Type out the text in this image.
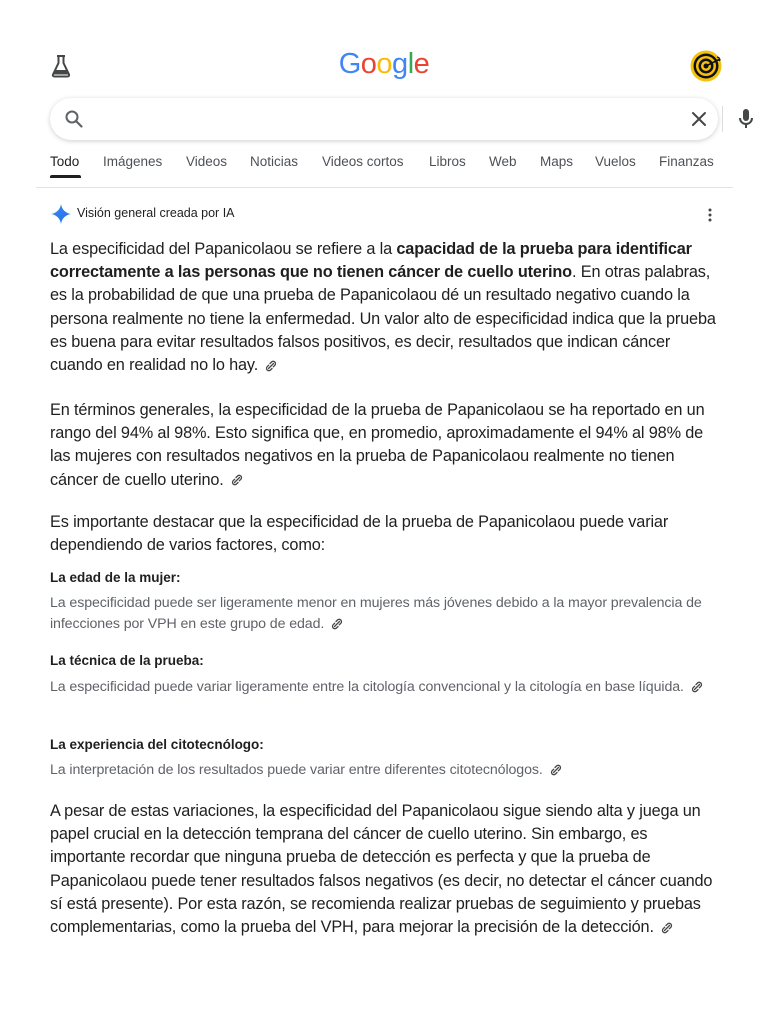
Google
Todo Imágenes Videos Noticias Videos cortos Libros Web Maps Vuelos Finanzas
Visión general creada por IA
La especificidad del Papanicolaou se refiere a la capacidad de la prueba para identificar correctamente a las personas que no tienen cáncer de cuello uterino. En otras palabras, es la probabilidad de que una prueba de Papanicolaou dé un resultado negativo cuando la persona realmente no tiene la enfermedad. Un valor alto de especificidad indica que la prueba es buena para evitar resultados falsos positivos, es decir, resultados que indican cáncer cuando en realidad no lo hay.
En términos generales, la especificidad de la prueba de Papanicolaou se ha reportado en un rango del 94% al 98%. Esto significa que, en promedio, aproximadamente el 94% al 98% de las mujeres con resultados negativos en la prueba de Papanicolaou realmente no tienen cáncer de cuello uterino.
Es importante destacar que la especificidad de la prueba de Papanicolaou puede variar dependiendo de varios factores, como:
La edad de la mujer:
La especificidad puede ser ligeramente menor en mujeres más jóvenes debido a la mayor prevalencia de infecciones por VPH en este grupo de edad.
La técnica de la prueba:
La especificidad puede variar ligeramente entre la citología convencional y la citología en base líquida.
La experiencia del citotecnólogo:
La interpretación de los resultados puede variar entre diferentes citotecnólogos.
A pesar de estas variaciones, la especificidad del Papanicolaou sigue siendo alta y juega un papel crucial en la detección temprana del cáncer de cuello uterino. Sin embargo, es importante recordar que ninguna prueba de detección es perfecta y que la prueba de Papanicolaou puede tener resultados falsos negativos (es decir, no detectar el cáncer cuando sí está presente). Por esta razón, se recomienda realizar pruebas de seguimiento y pruebas complementarias, como la prueba del VPH, para mejorar la precisión de la detección.
